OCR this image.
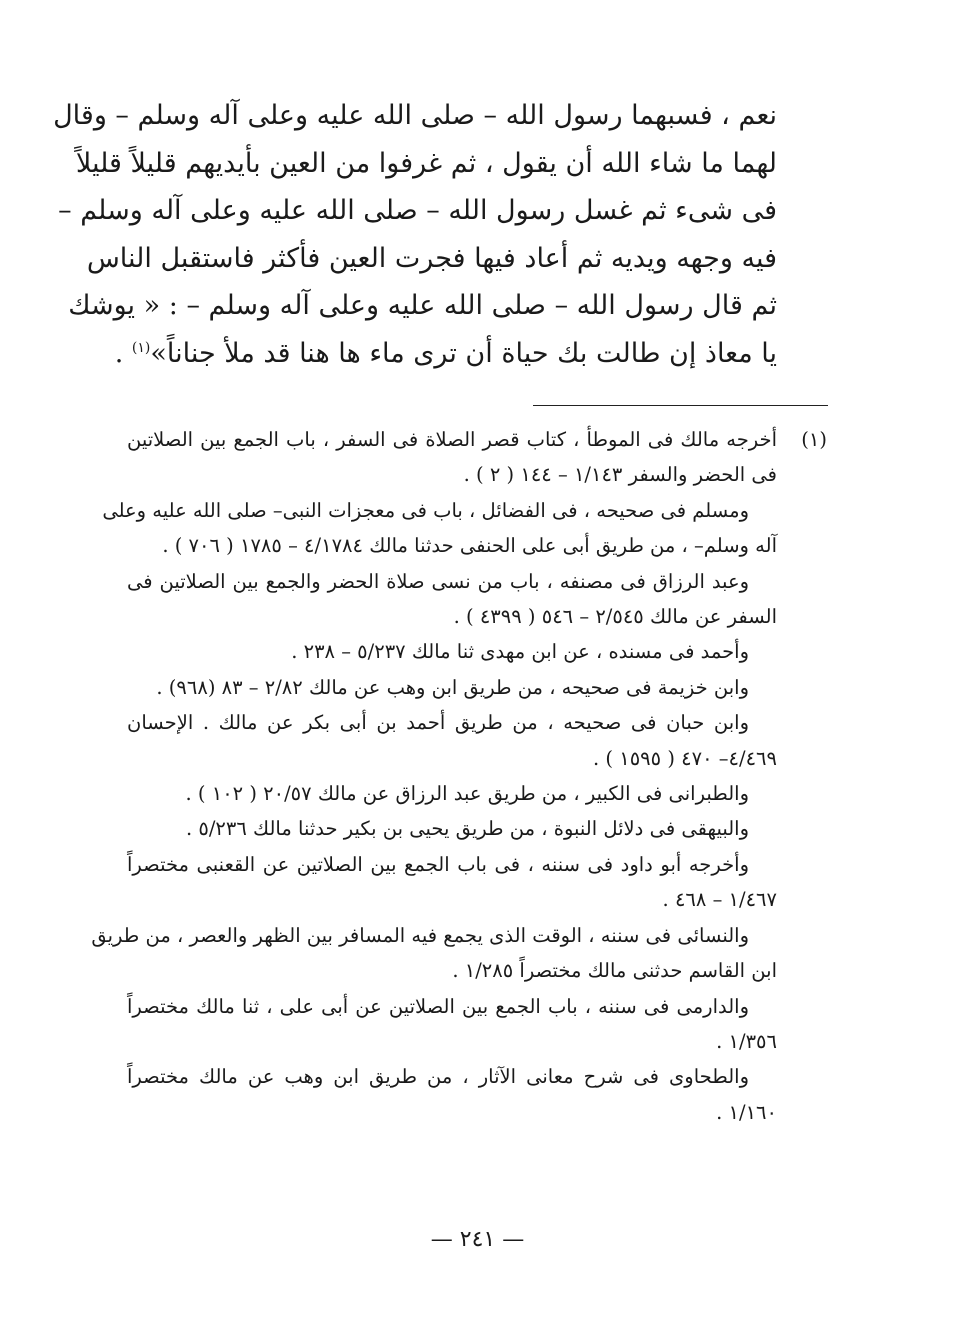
نعم ، فسبهما رسول الله – صلى الله عليه وعلى آله وسلم – وقال
لهما ما شاء الله أن يقول ، ثم غرفوا من العين بأيديهم قليلاً قليلاً
فى شىء ثم غسل رسول الله – صلى الله عليه وعلى آله وسلم –
فيه وجهه ويديه ثم أعاد فيها فجرت العين فأكثر فاستقبل الناس
ثم قال رسول الله – صلى الله عليه وعلى آله وسلم – : « يوشك
يا معاذ إن طالت بك حياة أن ترى ماء ها هنا قد ملأ جناناً»$^{(١)}$ .
(١)
أخرجه مالك فى الموطأ ، كتاب قصر الصلاة فى السفر ، باب الجمع بين الصلاتين
فى الحضر والسفر ١/١٤٣ – ١٤٤ ( ٢ ) .
ومسلم فى صحيحه ، فى الفضائل ، باب فى معجزات النبى– صلى الله عليه وعلى
آله وسلم– ، من طريق أبى على الحنفى حدثنا مالك ٤/١٧٨٤ – ١٧٨٥ ( ٧٠٦ ) .
وعبد الرزاق فى مصنفه ، باب من نسى صلاة الحضر والجمع بين الصلاتين فى
السفر عن مالك ٢/٥٤٥ – ٥٤٦ ( ٤٣٩٩ ) .
وأحمد فى مسنده ، عن ابن مهدى ثنا مالك ٥/٢٣٧ – ٢٣٨ .
وابن خزيمة فى صحيحه ، من طريق ابن وهب عن مالك ٢/٨٢ – ٨٣ (٩٦٨) .
وابن حبان فى صحيحه ، من طريق أحمد بن أبى بكر عن مالك . الإحسان
٤/٤٦٩– ٤٧٠ ( ١٥٩٥ ) .
والطبرانى فى الكبير ، من طريق عبد الرزاق عن مالك ٢٠/٥٧ ( ١٠٢ ) .
والبيهقى فى دلائل النبوة ، من طريق يحيى بن بكير حدثنا مالك ٥/٢٣٦ .
وأخرجه أبو داود فى سننه ، فى باب الجمع بين الصلاتين عن القعنبى مختصراً
١/٤٦٧ – ٤٦٨ .
والنسائى فى سننه ، الوقت الذى يجمع فيه المسافر بين الظهر والعصر ، من طريق
ابن القاسم حدثنى مالك مختصراً ١/٢٨٥ .
والدارمى فى سننه ، باب الجمع بين الصلاتين عن أبى على ، ثنا مالك مختصراً
١/٣٥٦ .
والطحاوى فى شرح معانى الآثار ، من طريق ابن وهب عن مالك مختصراً
١/١٦٠ .
— ٢٤١ —
